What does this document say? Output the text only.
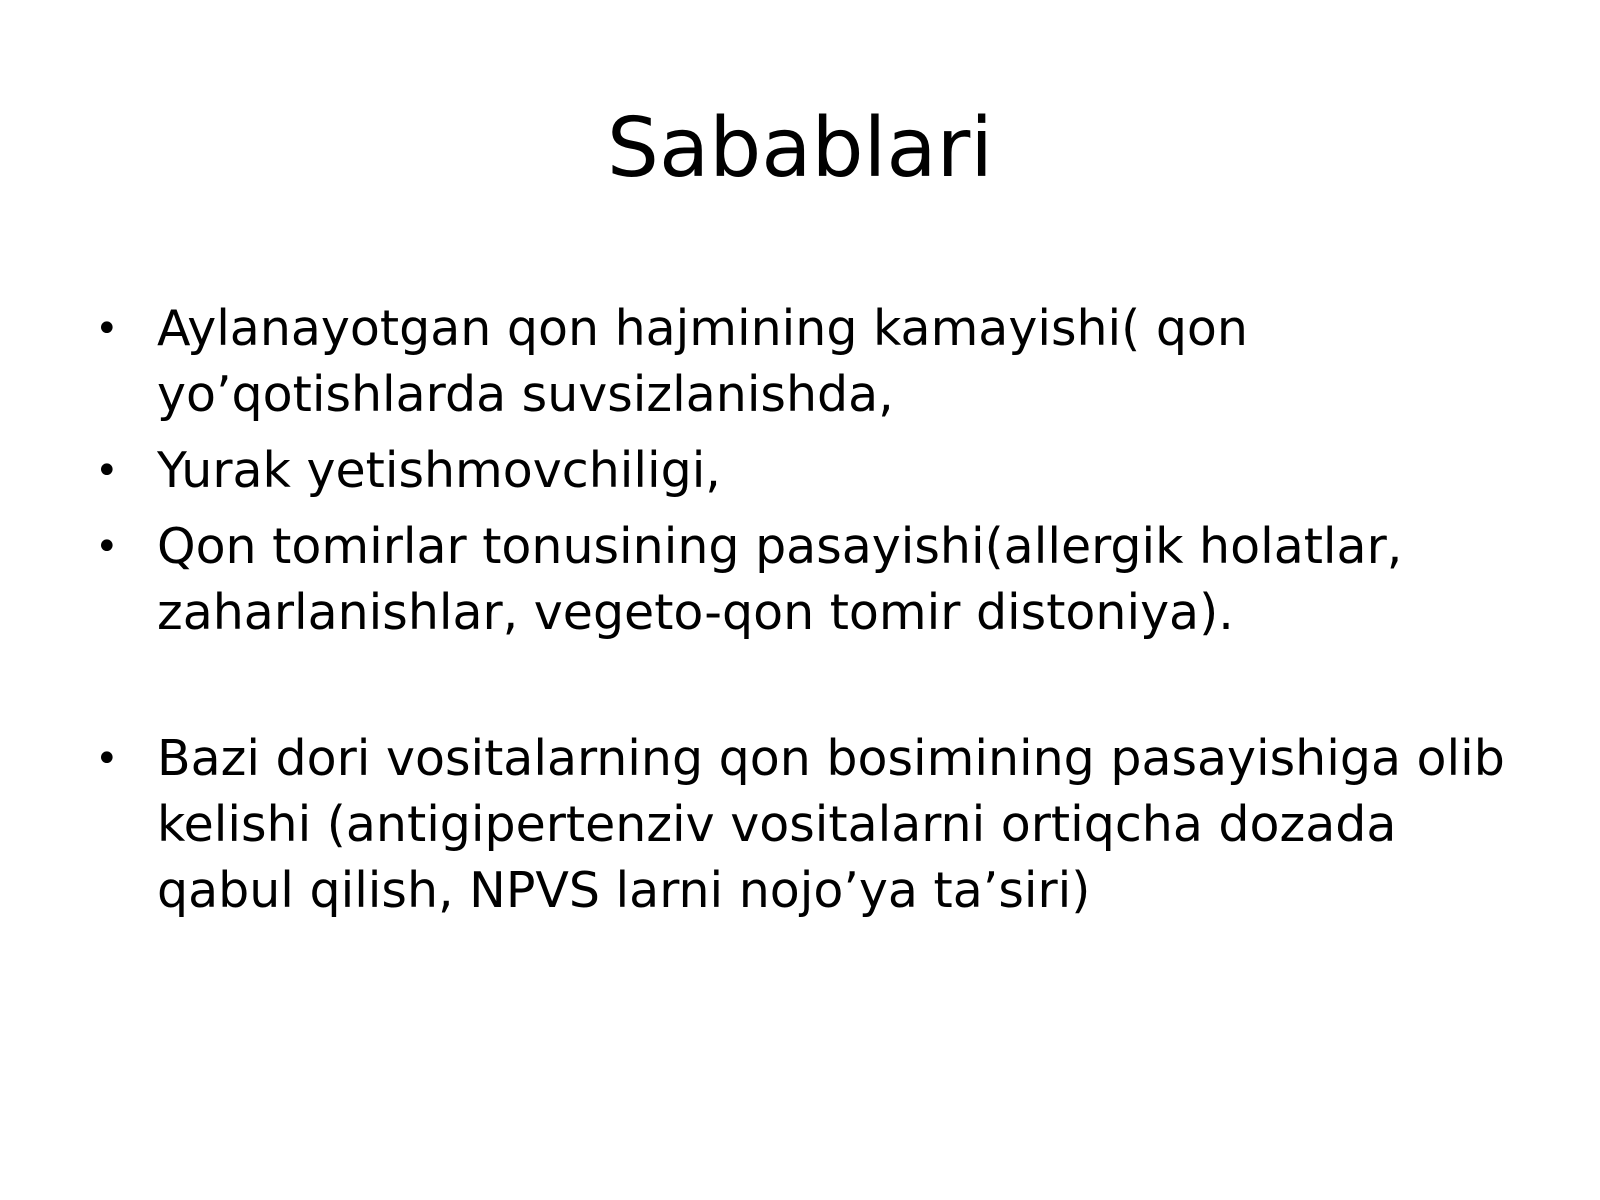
Sabablari
• Aylanayotgan qon hajmining kamayishi( qon
yo’qotishlarda suvsizlanishda,
• Yurak yetishmovchiligi,
• Qon tomirlar tonusining pasayishi(allergik holatlar,
zaharlanishlar, vegeto-qon tomir distoniya).
• Bazi dori vositalarning qon bosimining pasayishiga olib
kelishi (antigipertenziv vositalarni ortiqcha dozada
qabul qilish, NPVS larni nojo’ya ta’siri)
